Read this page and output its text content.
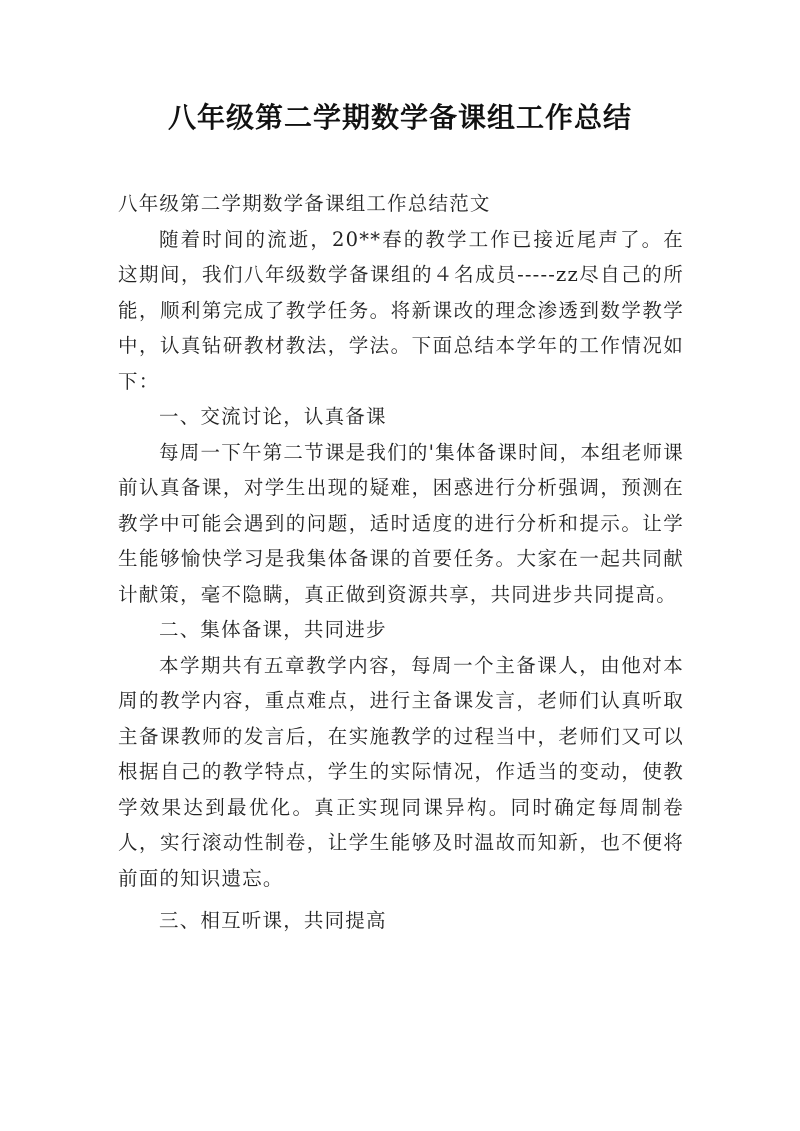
八年级第二学期数学备课组工作总结

八年级第二学期数学备课组工作总结范文

随着时间的流逝，20**春的教学工作已接近尾声了。在这期间，我们八年级数学备课组的４名成员-----zz尽自己的所能，顺利第完成了教学任务。将新课改的理念渗透到数学教学中，认真钻研教材教法，学法。下面总结本学年的工作情况如下：

一、交流讨论，认真备课

每周一下午第二节课是我们的'集体备课时间，本组老师课前认真备课，对学生出现的疑难，困惑进行分析强调，预测在教学中可能会遇到的问题，适时适度的进行分析和提示。让学生能够愉快学习是我集体备课的首要任务。大家在一起共同献计献策，毫不隐瞒，真正做到资源共享，共同进步共同提高。

二、集体备课，共同进步

本学期共有五章教学内容，每周一个主备课人，由他对本周的教学内容，重点难点，进行主备课发言，老师们认真听取主备课教师的发言后，在实施教学的过程当中，老师们又可以根据自己的教学特点，学生的实际情况，作适当的变动，使教学效果达到最优化。真正实现同课异构。同时确定每周制卷人，实行滚动性制卷，让学生能够及时温故而知新，也不便将前面的知识遗忘。

三、相互听课，共同提高
